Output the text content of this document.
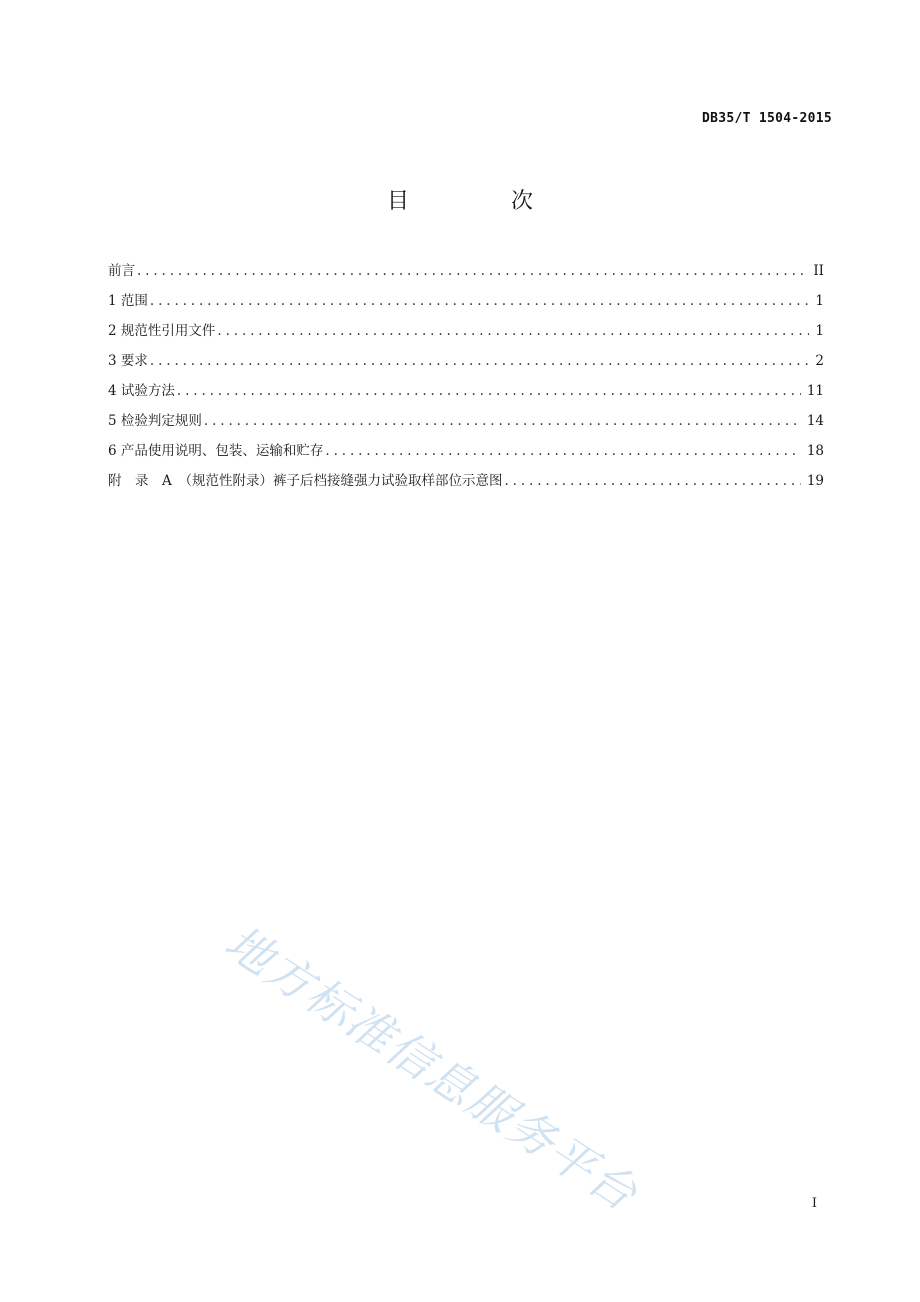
DB35/T 1504-2015
目　次
前言 . . .	II
1 范围 . . .	1
2 规范性引用文件 . . .	1
3 要求 . . .	2
4 试验方法 . . .	11
5 检验判定规则 . . .	14
6 产品使用说明、包装、运输和贮存 . . .	18
附　录　A　（规范性附录）裤子后档接缝强力试验取样部位示意图 . . .	19
地方标准信息服务平台	I
